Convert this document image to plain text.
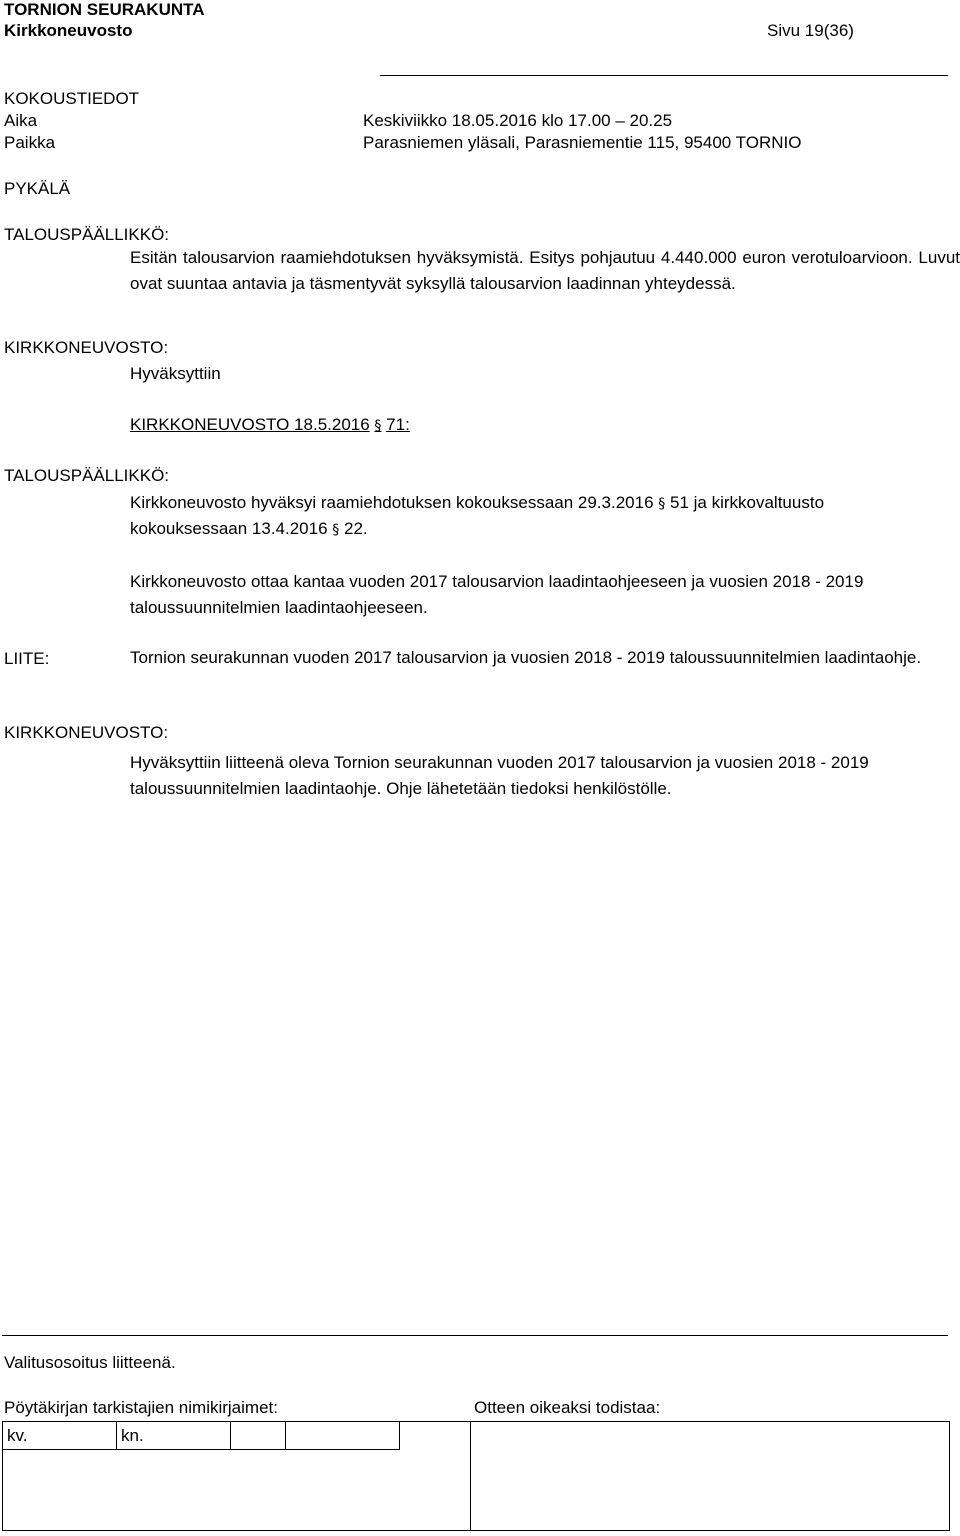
TORNION SEURAKUNTA
Kirkkoneuvosto	Sivu 19(36)
KOKOUSTIEDOT
Aika	Keskiviikko 18.05.2016 klo 17.00 – 20.25
Paikka	Parasniemen yläsali, Parasniementie 115, 95400 TORNIO
PYKÄLÄ
TALOUSPÄÄLLIKKÖ:
Esitän talousarvion raamiehdotuksen hyväksymistä. Esitys pohjautuu 4.440.000 euron verotuloarvioon. Luvut ovat suuntaa antavia ja täsmentyvät syksyllä talousarvion laadinnan yhteydessä.
KIRKKONEUVOSTO:
Hyväksyttiin
KIRKKONEUVOSTO 18.5.2016 § 71:
TALOUSPÄÄLLIKKÖ:
Kirkkoneuvosto hyväksyi raamiehdotuksen kokouksessaan 29.3.2016 § 51 ja kirkkovaltuusto
kokouksessaan 13.4.2016 § 22.
Kirkkoneuvosto ottaa kantaa vuoden 2017 talousarvion laadintaohjeeseen ja vuosien 2018 - 2019 taloussuunnitelmien laadintaohjeeseen.
LIITE:	Tornion seurakunnan vuoden 2017 talousarvion ja vuosien 2018 - 2019 taloussuunnitelmien laadintaohje.
KIRKKONEUVOSTO:
Hyväksyttiin liitteenä oleva Tornion seurakunnan vuoden 2017 talousarvion ja vuosien 2018 - 2019 taloussuunnitelmien laadintaohje. Ohje lähetetään tiedoksi henkilöstölle.
Valitusosoitus liitteenä.
Pöytäkirjan tarkistajien nimikirjaimet:	Otteen oikeaksi todistaa:
kv.	kn.
